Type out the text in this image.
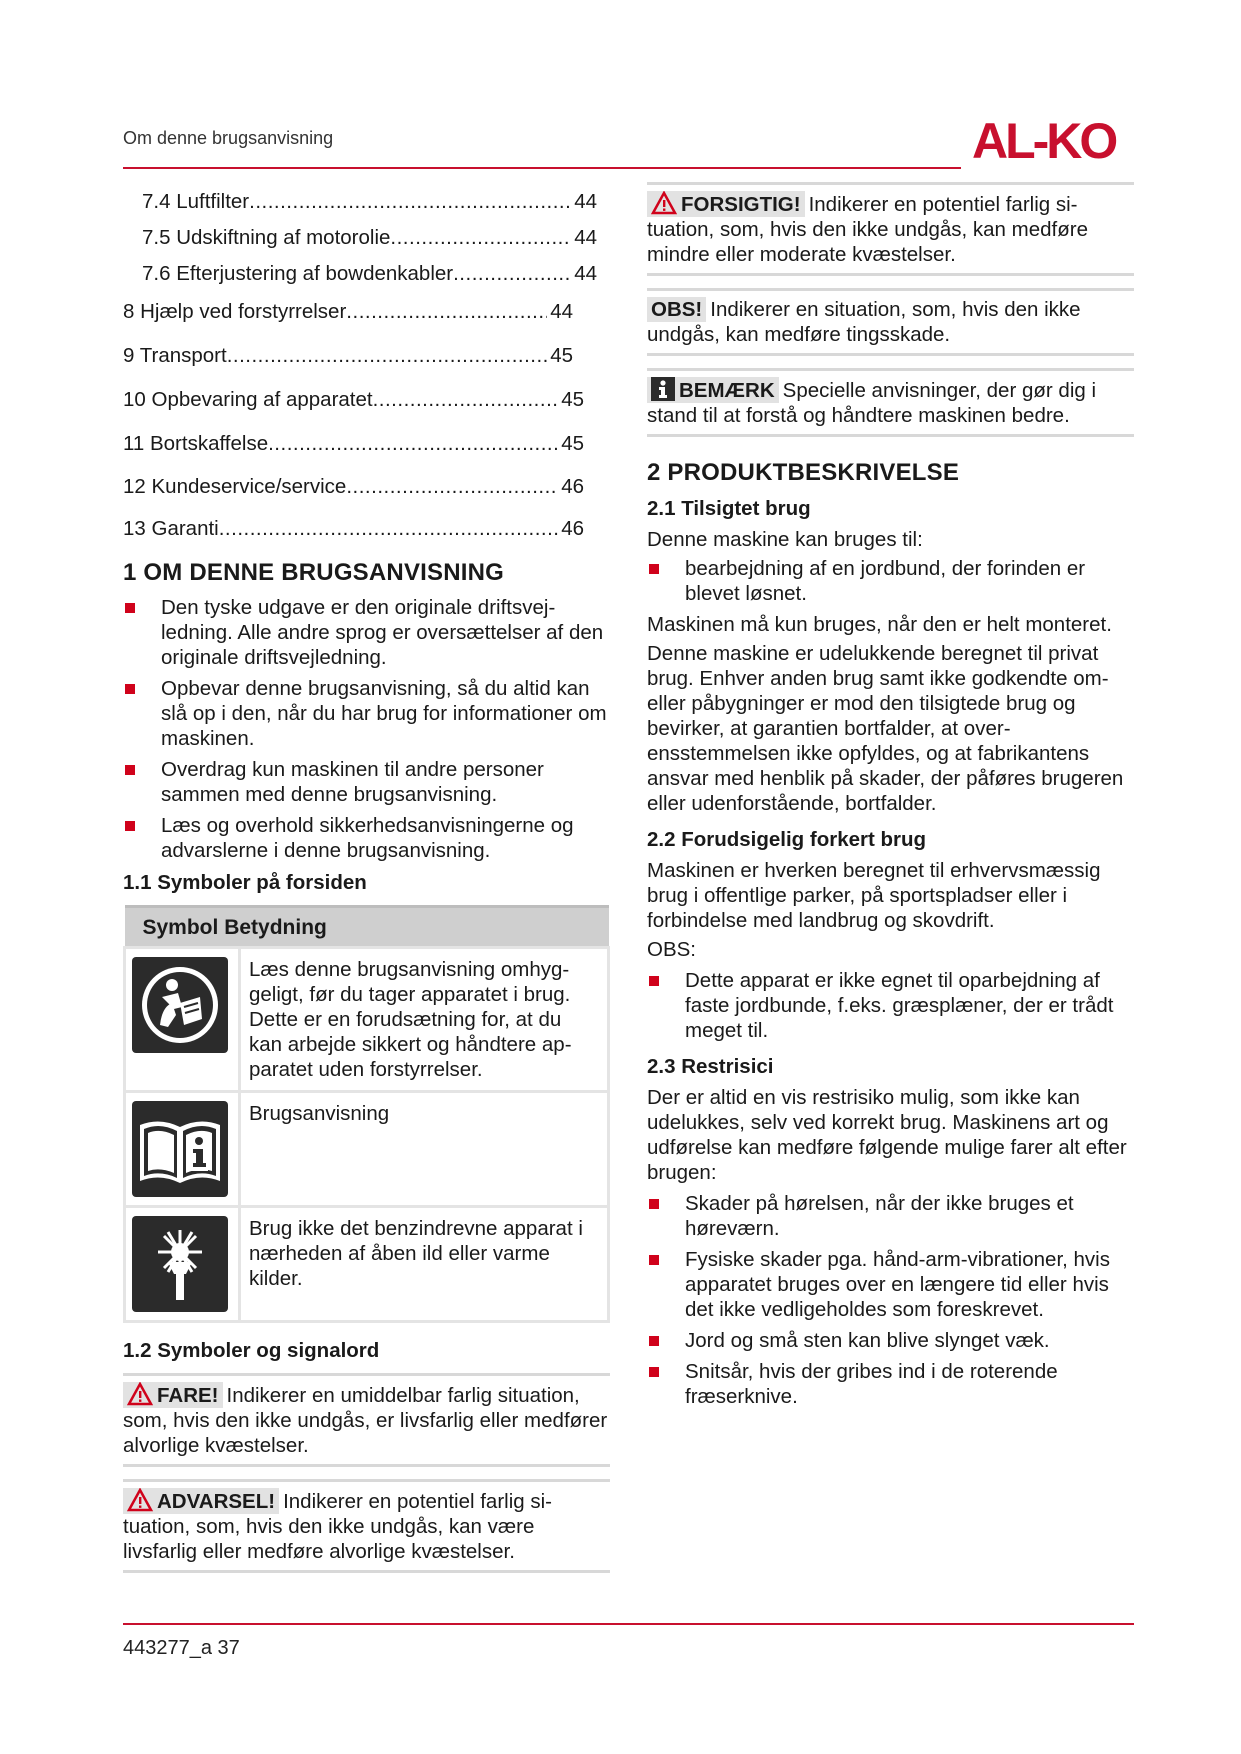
Om denne brugsanvisning	AL-KO
7.4 Luftfilter .....	44
7.5 Udskiftning af motorolie .....	44
7.6 Efterjustering af bowdenkabler .....	44
8 Hjælp ved forstyrrelser .....	44
9 Transport .....	45
10 Opbevaring af apparatet .....	45
11 Bortskaffelse .....	45
12 Kundeservice/service .....	46
13 Garanti .....	46
1 OM DENNE BRUGSANVISNING
Den tyske udgave er den originale driftsvejledning. Alle andre sprog er oversættelser af den originale driftsvejledning.
Opbevar denne brugsanvisning, så du altid kan slå op i den, når du har brug for informationer om maskinen.
Overdrag kun maskinen til andre personer sammen med denne brugsanvisning.
Læs og overhold sikkerhedsanvisningerne og advarslerne i denne brugsanvisning.
1.1 Symboler på forsiden
Symbol Betydning	

	Læs denne brugsanvisning omhyggeligt, før du tager apparatet i brug. Dette er en forudsætning for, at du kan arbejde sikkert og håndtere apparatet uden forstyrrelser.

	Brugsanvisning

	Brug ikke det benzindrevne apparat i nærheden af åben ild eller varme kilder.
1.2 Symboler og signalord
FARE! Indikerer en umiddelbar farlig situation, som, hvis den ikke undgås, er livsfarlig eller medfører alvorlige kvæstelser.
ADVARSEL! Indikerer en potentiel farlig situation, som, hvis den ikke undgås, kan være livsfarlig eller medføre alvorlige kvæstelser.
FORSIGTIG! Indikerer en potentiel farlig situation, som, hvis den ikke undgås, kan medføre mindre eller moderate kvæstelser.
OBS! Indikerer en situation, som, hvis den ikke undgås, kan medføre tingsskade.
BEMÆRK Specielle anvisninger, der gør dig i stand til at forstå og håndtere maskinen bedre.
2 PRODUKTBESKRIVELSE
2.1 Tilsigtet brug

Denne maskine kan bruges til:

bearbejdning af en jordbund, der forinden er blevet løsnet.

Maskinen må kun bruges, når den er helt monteret.

Denne maskine er udelukkende beregnet til privat brug. Enhver anden brug samt ikke godkendte om- eller påbygninger er mod den tilsigtede brug og bevirker, at garantien bortfalder, at overensstemmelsen ikke opfyldes, og at fabrikantens ansvar med henblik på skader, der påføres brugeren eller udenforstående, bortfalder.

2.2 Forudsigelig forkert brug

Maskinen er hverken beregnet til erhvervsmæssig brug i offentlige parker, på sportspladser eller i forbindelse med landbrug og skovdrift.

OBS:

Dette apparat er ikke egnet til oparbejdning af faste jordbunde, f.eks. græsplæner, der er trådt meget til.
2.3 Restrisici

Der er altid en vis restrisiko mulig, som ikke kan udelukkes, selv ved korrekt brug. Maskinens art og udførelse kan medføre følgende mulige farer alt efter brugen:

Skader på hørelsen, når der ikke bruges et høreværn.
Fysiske skader pga. hånd-arm-vibrationer, hvis apparatet bruges over en længere tid eller hvis det ikke vedligeholdes som foreskrevet.
Jord og små sten kan blive slynget væk.
Snitsår, hvis der gribes ind i de roterende fræserknive.
443277_a 37
